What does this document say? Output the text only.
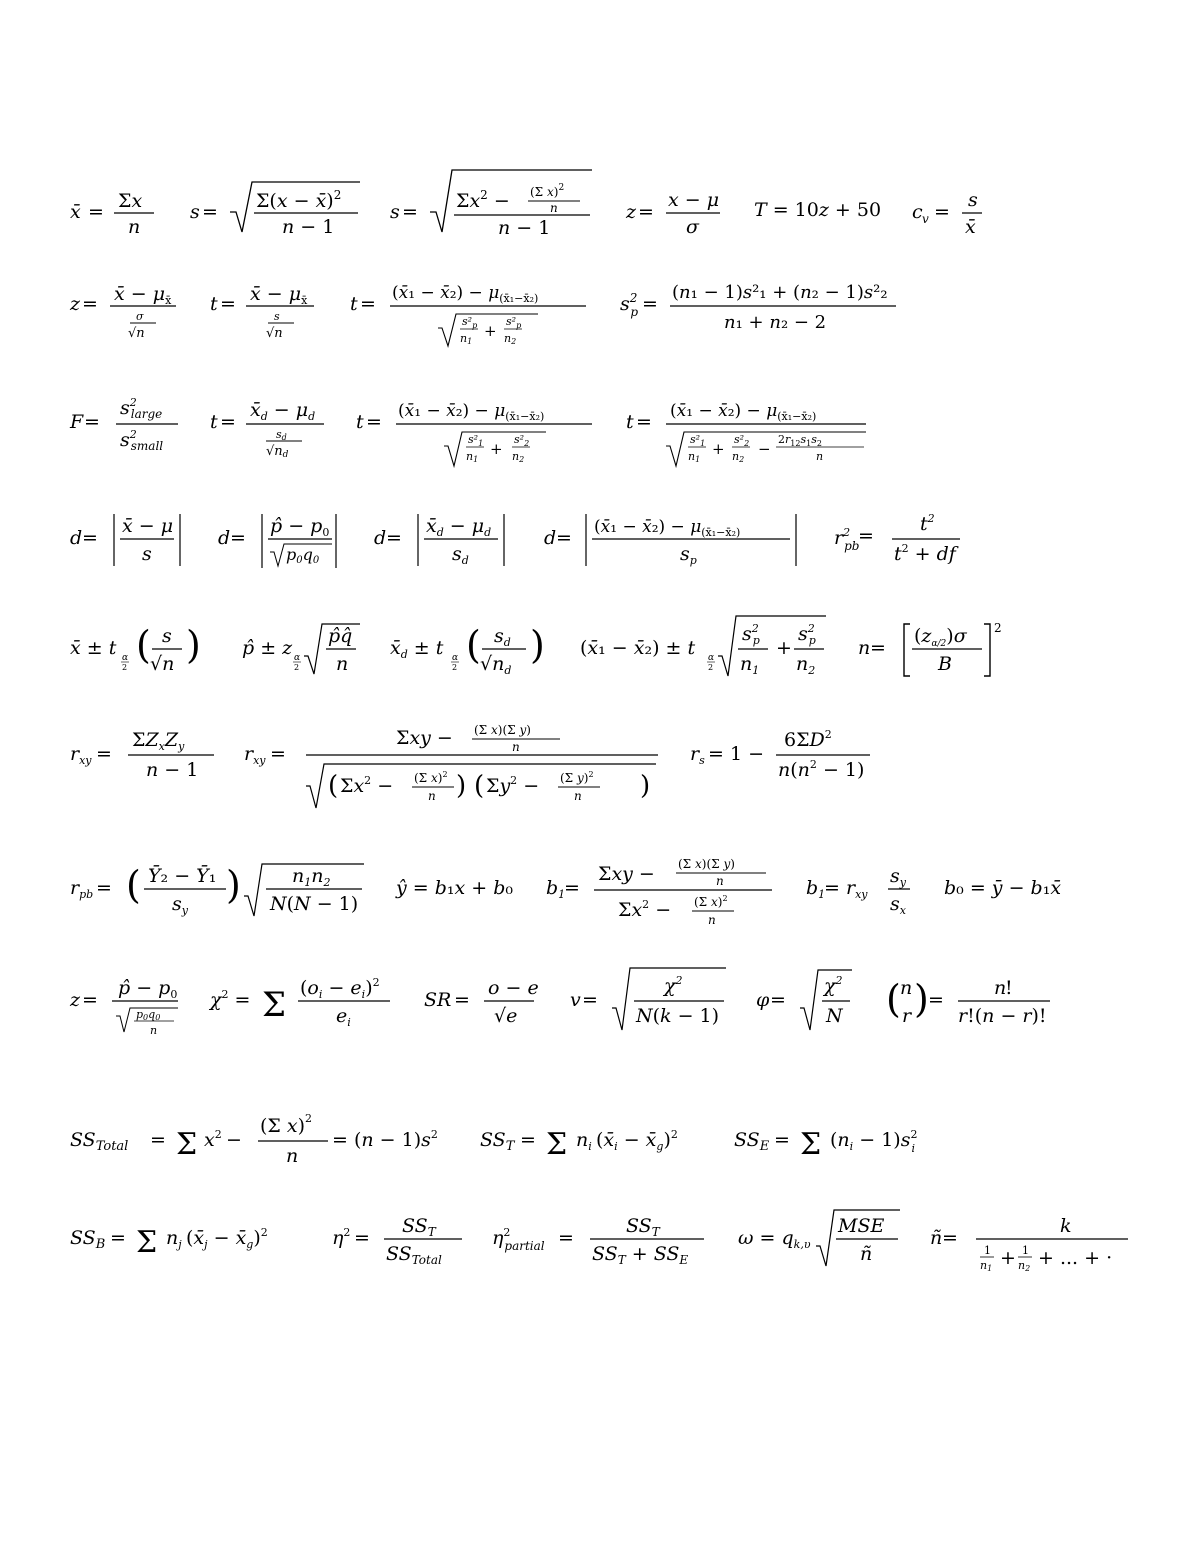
x̄ = Σx
n
s = Σ(x − x̄)$^2$
n − 1
$s = \Sigma x^2 - (\Sigma$ x)$^2$
n
n − 1
z =
x − μ
σ
T = 10z + 50 c v =
s
x̄
z = x̄ − $\mu_{x̄}$
σ
√n
t = x̄ − $\mu_{x̄}$
s
√n
t = (x̄₁ − x̄₂) − $\mu_{(x̄_1-x̄_2)}$
$s^2_p$
n1
+
$s^2_p$
n2
$s^2$ p =
(n₁ − 1)s²₁ + (n₂ − 1)s²₂
n₁ + n₂ − 2
F =
$s^2$ large
$s^2$ small
t =
$x̄_d - \mu_d$
sd
√nd
t = (x̄₁ − x̄₂) − $\mu_{(x̄_1-x̄_2)}$
$s^2_1$
n1
+
$s^2_2$
n2
t = (x̄₁ − x̄₂) − $\mu_{(x̄_1-x̄_2)}$
$s^2_1$
n1
+
$s^2_2$
n2
−
$2r_{12}s_1s_2$
n
d =
x̄ − μ
s
d =
p̂ − $p_0$
p0q0
d =
$x̄_d - \mu_d$
$s_d$
d = (x̄₁ − x̄₂) − $\mu_{(x̄_1-x̄_2)}$
$s_p$
$r^2$ pb
=
$t^2$
$t^2$ + df
x̄ ± t α
2
( s
√n ) p̂ ± z α
2
p̂q̂
n
$x̄_d \pm t$ α
2
( $s_d$
$√n_d$
) (x̄₁ − x̄₂) ± t α
2
$s^2$ p
$n_1$
+
$s^2$ p
$n_2$
n =
$(z_{\alpha/2})\sigma$
B
2
$r_{xy}$ =
$\Sigma Z_xZ_y$
n − 1
$r_{xy}$ =
Σxy − (Σ x)(Σ y)
n
( $\Sigma x^2 - (\Sigma$ x)$^2$
n ) ( $\Sigma y^2 - (\Sigma$ y)$^2$
n )
$r_s = 1$ −
$6\Sigma D^2$
$n(n^2 - 1)$
$r_{pb}$ = ( Ȳ₂ − Ȳ₁
$s_y$
)	$n_1n_2$
N(N − 1)
ŷ = b₁x + b₀ $b_1$
=
Σxy − (Σ x)(Σ y)
n
$\Sigma x^2 - (\Sigma$ x)$^2$
n
$b_1$
= $r_{xy}$
$s_y$
$s_x$
b₀ = ȳ − b₁x̄
z =
p̂ − $p_0$
p0q0
n
$\chi^2 = \Sigma$ $(o_i - e_i)^2$
$e_i$
SR =
o − e
√e
v =
$\chi^2$
N(k − 1)
φ =
$\chi^2$
N ( n
r ) =
n
!
r!(n − r)!
$SS_{Total} = \Sigma$ $x^2$ −
(Σ x)$^2$
n
= $(n - 1)s^2$ $SS_T = \Sigma$ $n_i$ ($x̄_i$ − $x̄_g)^2$	$SS_E = \Sigma$ $(n_i - 1)s^2$ i
$SS_B = \Sigma$ $n_j$ ($x̄_j$ − $x̄_g)^2$	$\eta^2$ =
$SS_T$
$SS_{Total}$
$\eta^2$ partial =
$SS_T$
$SS_T + SS_E$
$\omega = q_{k,\upsilon}$
MSE
ñ
ñ =
k
1
n1 + 1
n2 + ... + ·
